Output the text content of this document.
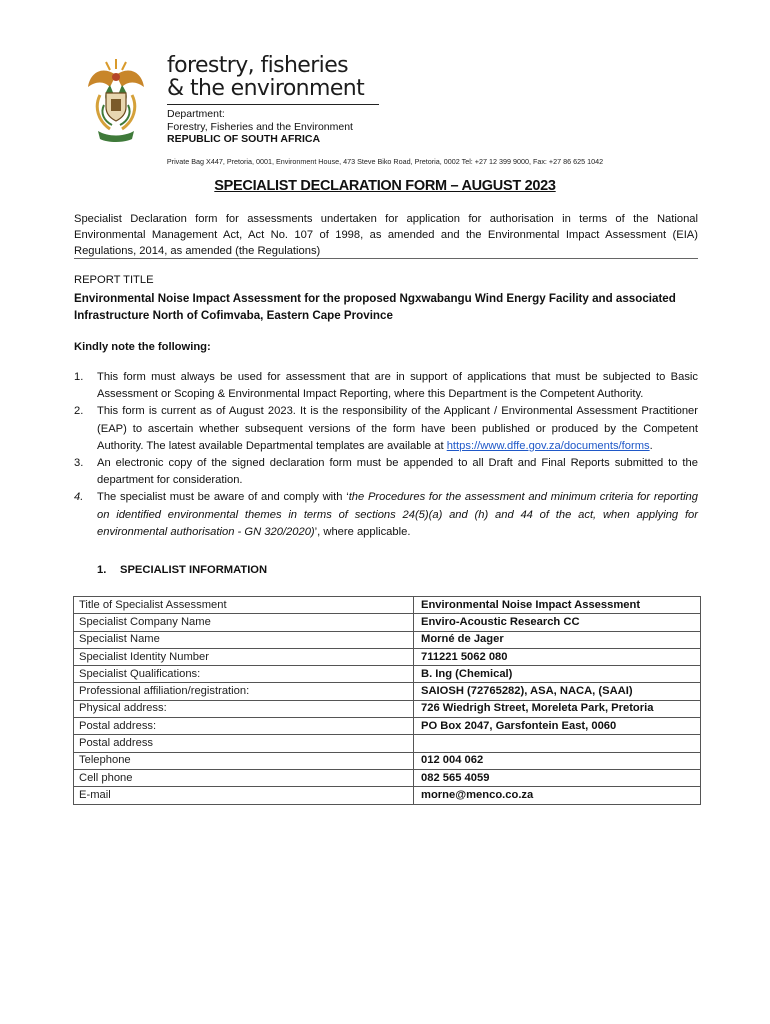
forestry, fisheries
& the environment
Department:
Forestry, Fisheries and the Environment
REPUBLIC OF SOUTH AFRICA
Private Bag X447, Pretoria, 0001, Environment House, 473 Steve Biko Road, Pretoria, 0002 Tel: +27 12 399 9000, Fax: +27 86 625 1042
SPECIALIST DECLARATION FORM – AUGUST 2023
Specialist Declaration form for assessments undertaken for application for authorisation in terms of the National Environmental Management Act, Act No. 107 of 1998, as amended and the Environmental Impact Assessment (EIA) Regulations, 2014, as amended (the Regulations)
REPORT TITLE
Environmental Noise Impact Assessment for the proposed Ngxwabangu Wind Energy Facility and associated Infrastructure North of Cofimvaba, Eastern Cape Province
Kindly note the following:
1. This form must always be used for assessment that are in support of applications that must be subjected to Basic Assessment or Scoping & Environmental Impact Reporting, where this Department is the Competent Authority.
2. This form is current as of August 2023. It is the responsibility of the Applicant / Environmental Assessment Practitioner (EAP) to ascertain whether subsequent versions of the form have been published or produced by the Competent Authority. The latest available Departmental templates are available at https://www.dffe.gov.za/documents/forms.
3. An electronic copy of the signed declaration form must be appended to all Draft and Final Reports submitted to the department for consideration.
4. The specialist must be aware of and comply with ‘the Procedures for the assessment and minimum criteria for reporting on identified environmental themes in terms of sections 24(5)(a) and (h) and 44 of the act, when applying for environmental authorisation - GN 320/2020)’, where applicable.
1. SPECIALIST INFORMATION
Title of Specialist Assessment	Environmental Noise Impact Assessment
Specialist Company Name	Enviro-Acoustic Research CC
Specialist Name	Morné de Jager
Specialist Identity Number	711221 5062 080
Specialist Qualifications:	B. Ing (Chemical)
Professional affiliation/registration:	SAIOSH (72765282), ASA, NACA, (SAAI)
Physical address:	726 Wiedrigh Street, Moreleta Park, Pretoria
Postal address:	PO Box 2047, Garsfontein East, 0060
Postal address	
Telephone	012 004 062
Cell phone	082 565 4059
E-mail	morne@menco.co.za
